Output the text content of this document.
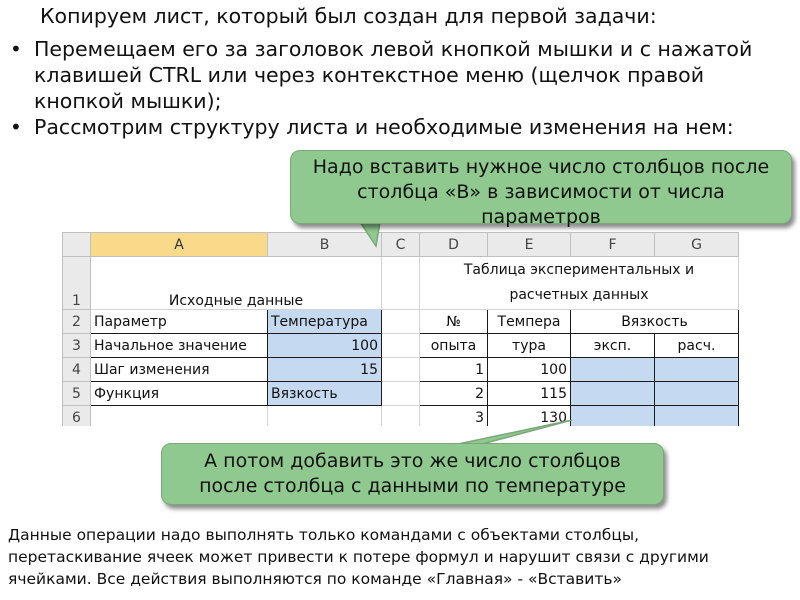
Копируем лист, который был создан для первой задачи:
• Перемещаем его за заголовок левой кнопкой мышки и с нажатой
клавишей CTRL или через контекстное меню (щелчок правой
кнопкой мышки);
• Рассмотрим структуру листа и необходимые изменения на нем:
Надо вставить нужное число столбцов после
столбца «В» в зависимости от числа
параметров
	A	B	C	D	E	F	G
1	Исходные данные			Таблица экспериментальных и
расчетных данных			
2	Параметр	Температура		№	Темпера	Вязкость	
3	Начальное значение	100		опыта	тура	эксп.	расч.
4	Шаг изменения	15		1	100		
5	Функция	Вязкость		2	115		
6				3	130		
А потом добавить это же число столбцов
после столбца с данными по температуре
Данные операции надо выполнять только командами с объектами столбцы,
перетаскивание ячеек может привести к потере формул и нарушит связи с другими
ячейками. Все действия выполняются по команде «Главная» - «Вставить»
